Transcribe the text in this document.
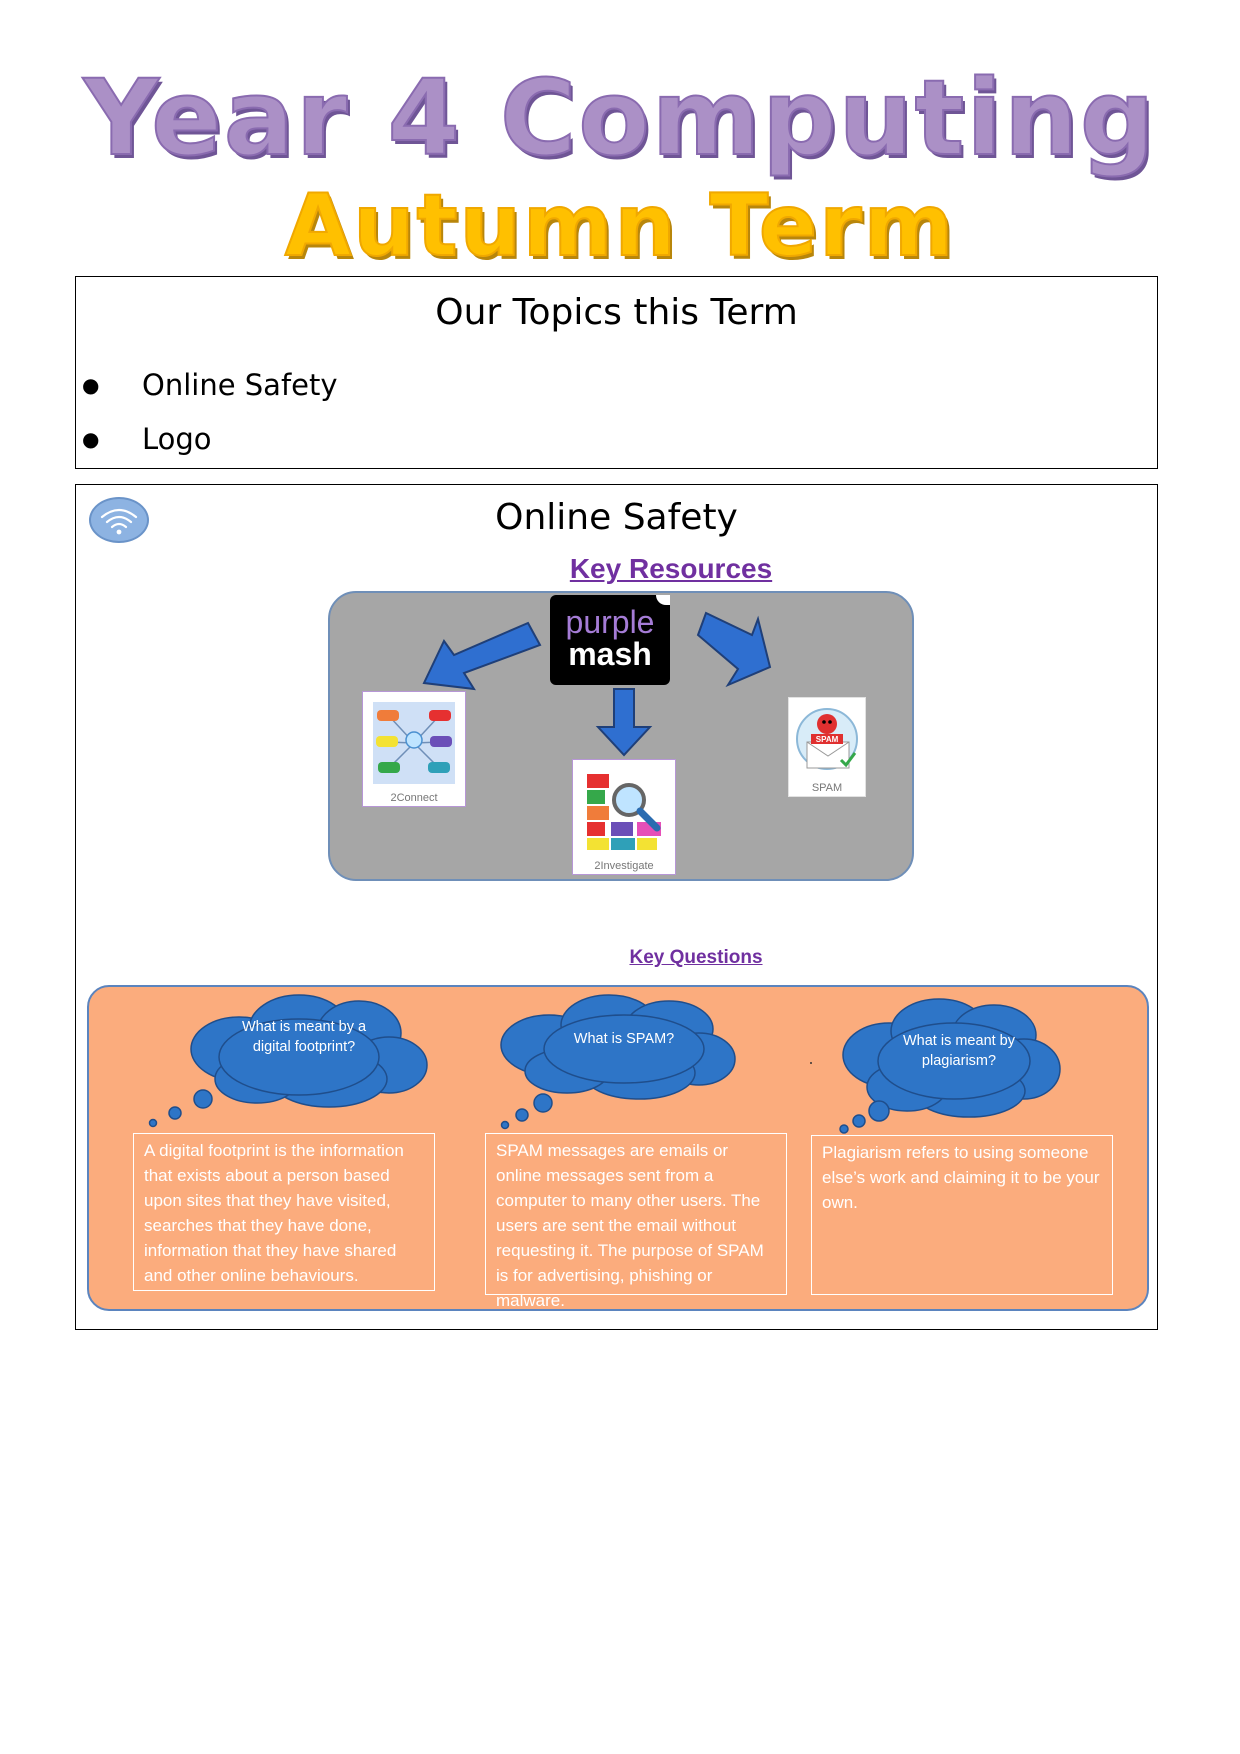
Year 4 Computing
Autumn Term
Our Topics this Term
● Online Safety
● Logo
Online Safety
Key Resources
purple
mash
2Connect
2Investigate
SPAM
SPAM
Key Questions
What is meant by a digital footprint?
A digital footprint is the information that exists about a person based upon sites that they have visited, searches that they have done, information that they have shared and other online behaviours.
What is SPAM?
SPAM messages are emails or online messages sent from a computer to many other users. The users are sent the email without requesting it. The purpose of SPAM is for advertising, phishing or malware.
What is meant by plagiarism?
Plagiarism refers to using someone else’s work and claiming it to be your own.
